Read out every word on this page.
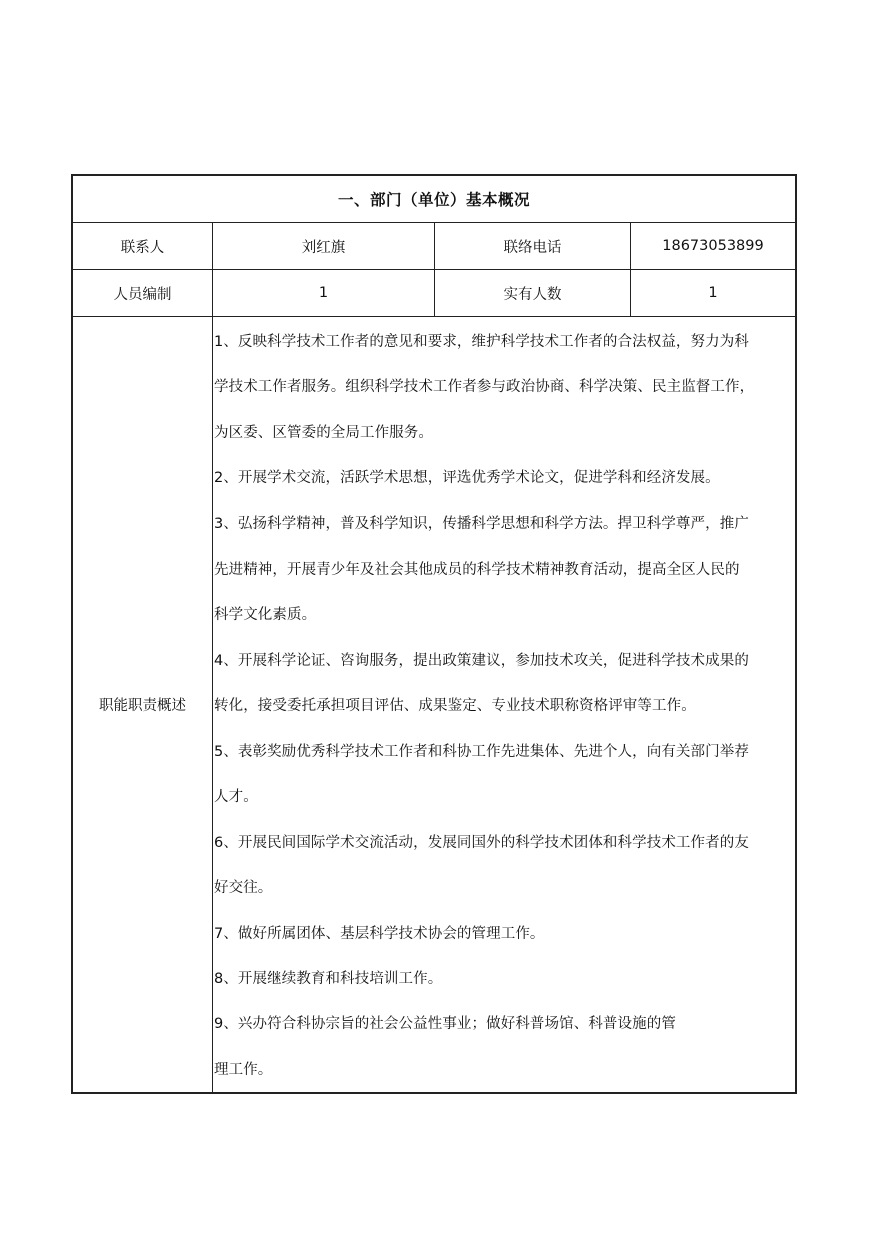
一、部门（单位）基本概况
联系人	刘红旗	联络电话	18673053899
人员编制	1	实有人数	1
职能职责概述
1、反映科学技术工作者的意见和要求，维护科学技术工作者的合法权益，努力为科
学技术工作者服务。组织科学技术工作者参与政治协商、科学决策、民主监督工作，
为区委、区管委的全局工作服务。
2、开展学术交流，活跃学术思想，评选优秀学术论文，促进学科和经济发展。
3、弘扬科学精神，普及科学知识，传播科学思想和科学方法。捍卫科学尊严，推广
先进精神，开展青少年及社会其他成员的科学技术精神教育活动，提高全区人民的
科学文化素质。
4、开展科学论证、咨询服务，提出政策建议，参加技术攻关，促进科学技术成果的
转化，接受委托承担项目评估、成果鉴定、专业技术职称资格评审等工作。
5、表彰奖励优秀科学技术工作者和科协工作先进集体、先进个人，向有关部门举荐
人才。
6、开展民间国际学术交流活动，发展同国外的科学技术团体和科学技术工作者的友
好交往。
7、做好所属团体、基层科学技术协会的管理工作。
8、开展继续教育和科技培训工作。
9、兴办符合科协宗旨的社会公益性事业；做好科普场馆、科普设施的管
理工作。
